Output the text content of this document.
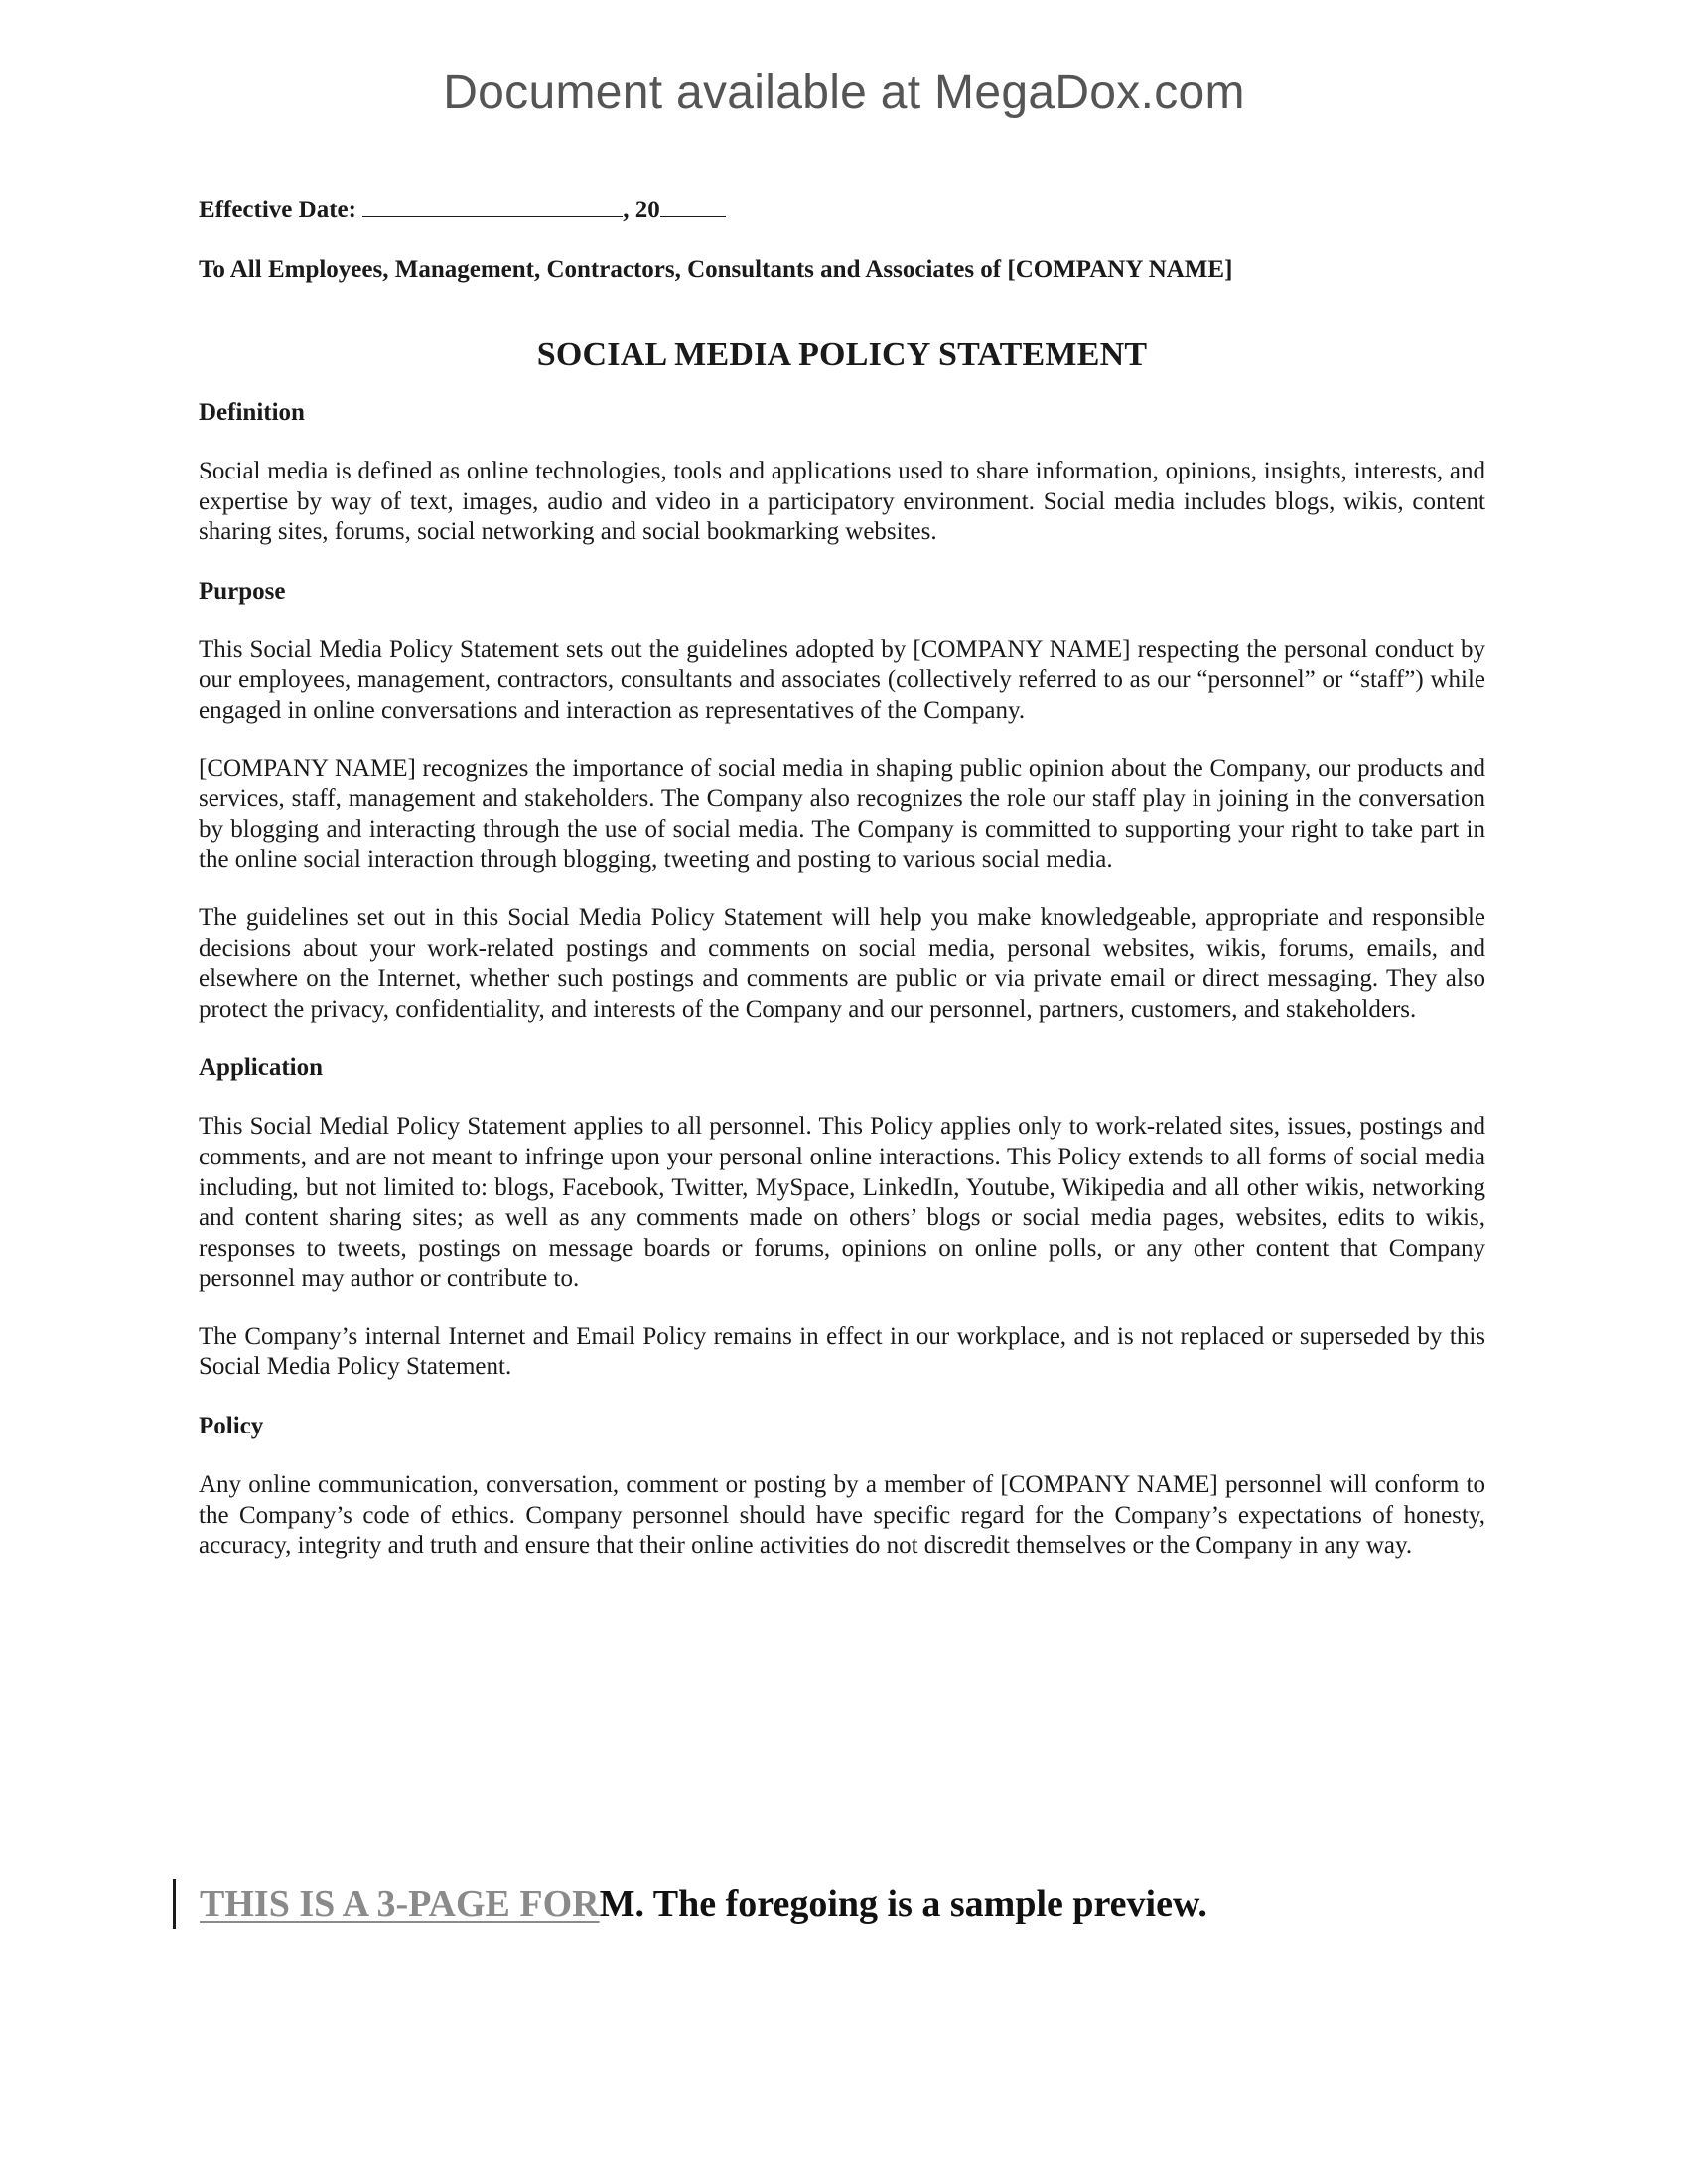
Document available at MegaDox.com

Effective Date:	, 20

To All Employees, Management, Contractors, Consultants and Associates of [COMPANY NAME]

SOCIAL MEDIA POLICY STATEMENT
Definition

Social media is defined as online technologies, tools and applications used to share information, opinions, insights, interests, and expertise by way of text, images, audio and video in a participatory environment. Social media includes blogs, wikis, content sharing sites, forums, social networking and social bookmarking websites.

Purpose

This Social Media Policy Statement sets out the guidelines adopted by [COMPANY NAME] respecting the personal conduct by our employees, management, contractors, consultants and associates (collectively referred to as our “personnel” or “staff”) while engaged in online conversations and interaction as representatives of the Company.

[COMPANY NAME] recognizes the importance of social media in shaping public opinion about the Company, our products and services, staff, management and stakeholders. The Company also recognizes the role our staff play in joining in the conversation by blogging and interacting through the use of social media. The Company is committed to supporting your right to take part in the online social interaction through blogging, tweeting and posting to various social media.

The guidelines set out in this Social Media Policy Statement will help you make knowledgeable, appropriate and responsible decisions about your work-related postings and comments on social media, personal websites, wikis, forums, emails, and elsewhere on the Internet, whether such postings and comments are public or via private email or direct messaging. They also protect the privacy, confidentiality, and interests of the Company and our personnel, partners, customers, and stakeholders.

Application

This Social Medial Policy Statement applies to all personnel. This Policy applies only to work-related sites, issues, postings and comments, and are not meant to infringe upon your personal online interactions. This Policy extends to all forms of social media including, but not limited to: blogs, Facebook, Twitter, MySpace, LinkedIn, Youtube, Wikipedia and all other wikis, networking and content sharing sites; as well as any comments made on others’ blogs or social media pages, websites, edits to wikis, responses to tweets, postings on message boards or forums, opinions on online polls, or any other content that Company personnel may author or contribute to.

The Company’s internal Internet and Email Policy remains in effect in our workplace, and is not replaced or superseded by this Social Media Policy Statement.

Policy

Any online communication, conversation, comment or posting by a member of [COMPANY NAME] personnel will conform to the Company’s code of ethics. Company personnel should have specific regard for the Company’s expectations of honesty, accuracy, integrity and truth and ensure that their online activities do not discredit themselves or the Company in any way.

THIS IS A 3-PAGE FORM. The foregoing is a sample preview.
